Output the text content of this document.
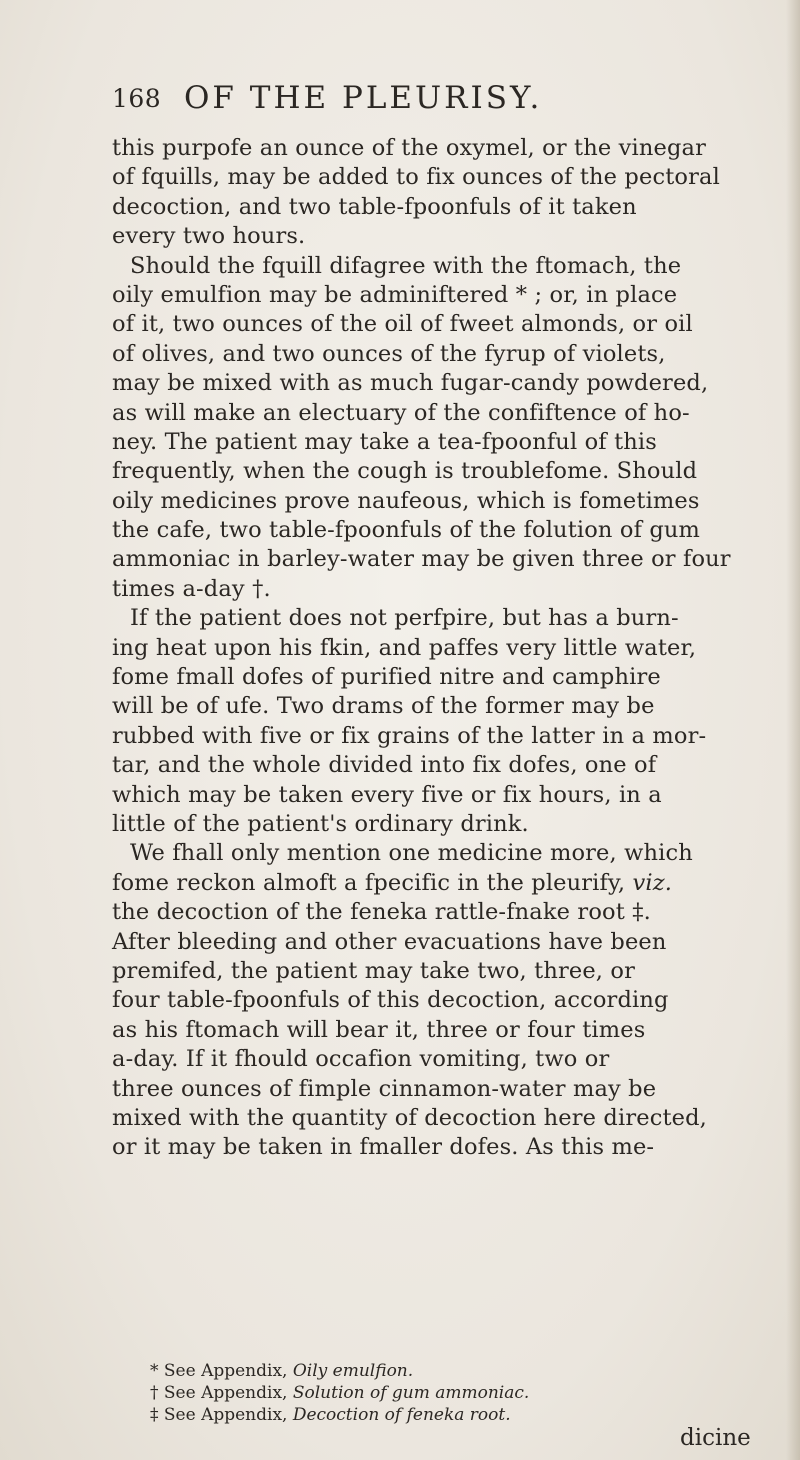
168 OF THE PLEURISY.
this purpofe an ounce of the oxymel, or the vinegar
of fquills, may be added to fix ounces of the pectoral
decoction, and two table-fpoonfuls of it taken
every two hours.
Should the fquill difagree with the ftomach, the
oily emulfion may be adminiftered * ; or, in place
of it, two ounces of the oil of fweet almonds, or oil
of olives, and two ounces of the fyrup of violets,
may be mixed with as much fugar-candy powdered,
as will make an electuary of the confiftence of ho-
ney. The patient may take a tea-fpoonful of this
frequently, when the cough is troublefome. Should
oily medicines prove naufeous, which is fometimes
the cafe, two table-fpoonfuls of the folution of gum
ammoniac in barley-water may be given three or four
times a-day †.
If the patient does not perfpire, but has a burn-
ing heat upon his fkin, and paffes very little water,
fome fmall dofes of purified nitre and camphire
will be of ufe. Two drams of the former may be
rubbed with five or fix grains of the latter in a mor-
tar, and the whole divided into fix dofes, one of
which may be taken every five or fix hours, in a
little of the patient's ordinary drink.
We fhall only mention one medicine more, which
fome reckon almoft a fpecific in the pleurify, viz.
the decoction of the feneka rattle-fnake root ‡.
After bleeding and other evacuations have been
premifed, the patient may take two, three, or
four table-fpoonfuls of this decoction, according
as his ftomach will bear it, three or four times
a-day. If it fhould occafion vomiting, two or
three ounces of fimple cinnamon-water may be
mixed with the quantity of decoction here directed,
or it may be taken in fmaller dofes. As this me-
* See Appendix, Oily emulfion.
† See Appendix, Solution of gum ammoniac.
‡ See Appendix, Decoction of feneka root.
dicine
